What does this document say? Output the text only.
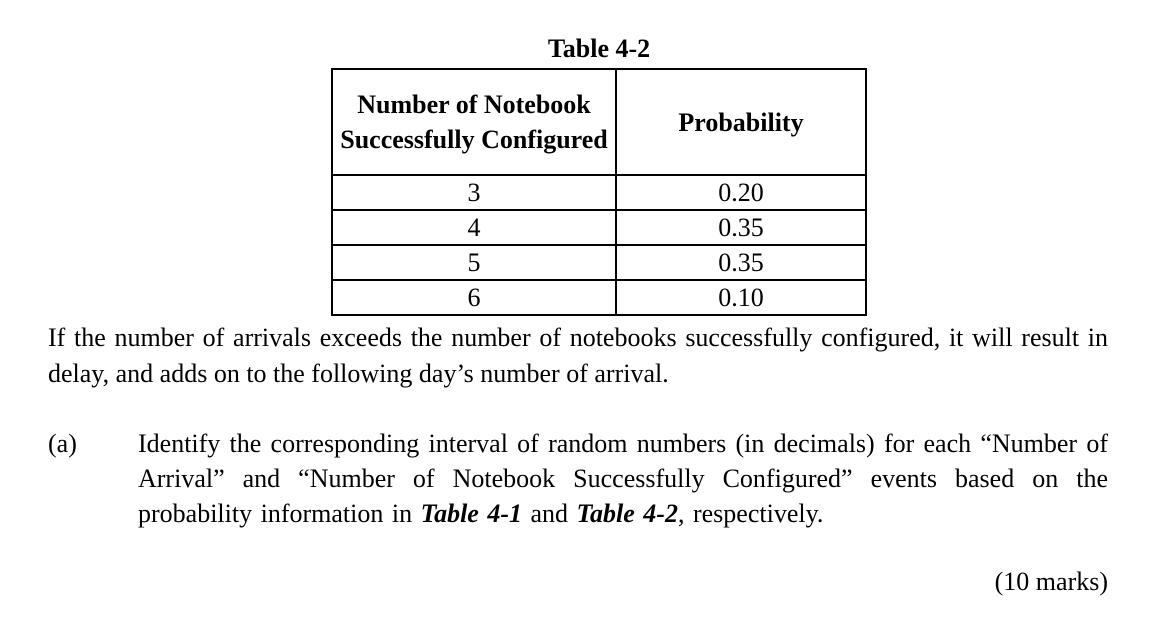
Table 4-2
Number of Notebook Successfully Configured	Probability
3	0.20
4	0.35
5	0.35
6	0.10
If the number of arrivals exceeds the number of notebooks successfully configured, it will result in delay, and adds on to the following day’s number of arrival.
(a) Identify the corresponding interval of random numbers (in decimals) for each “Number of Arrival” and “Number of Notebook Successfully Configured” events based on the probability information in Table 4-1 and Table 4-2, respectively.
(10 marks)
